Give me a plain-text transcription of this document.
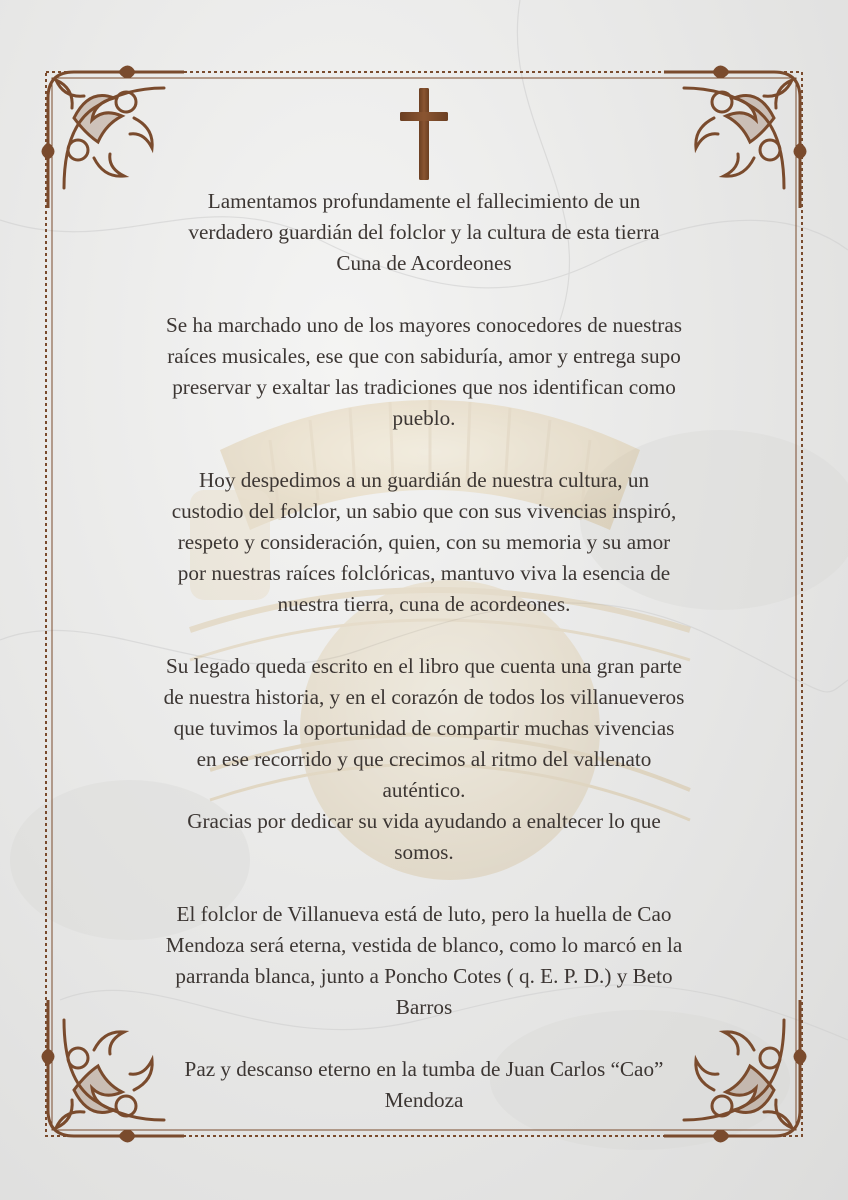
Lamentamos profundamente el fallecimiento de un
verdadero guardián del folclor y la cultura de esta tierra
Cuna de Acordeones

Se ha marchado uno de los mayores conocedores de nuestras
raíces musicales, ese que con sabiduría, amor y entrega supo
preservar y exaltar las tradiciones que nos identifican como
pueblo.

Hoy despedimos a un guardián de nuestra cultura, un
custodio del folclor, un sabio que con sus vivencias inspiró,
respeto y consideración, quien, con su memoria y su amor
por nuestras raíces folclóricas, mantuvo viva la esencia de
nuestra tierra, cuna de acordeones.

Su legado queda escrito en el libro que cuenta una gran parte
de nuestra historia, y en el corazón de todos los villanueveros
que tuvimos la oportunidad de compartir muchas vivencias
en ese recorrido y que crecimos al ritmo del vallenato
auténtico.

Gracias por dedicar su vida ayudando a enaltecer lo que
somos.

El folclor de Villanueva está de luto, pero la huella de Cao
Mendoza será eterna, vestida de blanco, como lo marcó en la
parranda blanca, junto a Poncho Cotes ( q. E. P. D.) y Beto
Barros

Paz y descanso eterno en la tumba de Juan Carlos “Cao”
Mendoza
